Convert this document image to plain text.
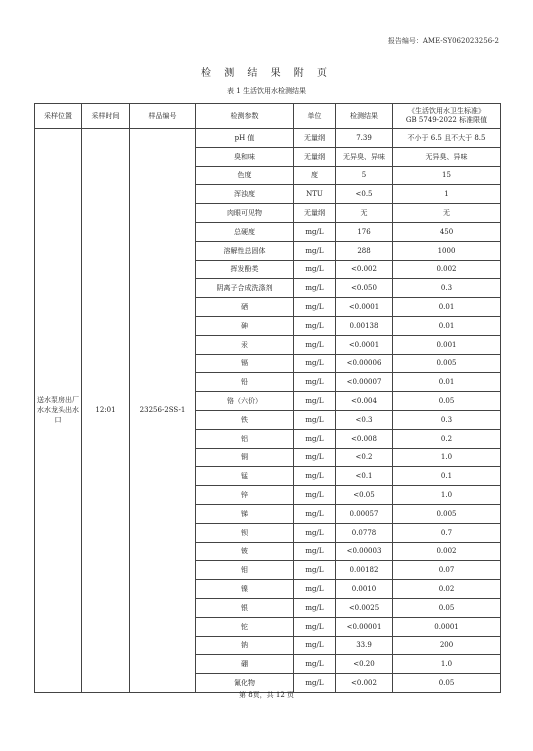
报告编号：AME-SY062023256-2
检 测 结 果 附 页
表 1 生活饮用水检测结果
采样位置	采样时间	样品编号	检测参数	单位	检测结果	《生活饮用水卫生标准》
GB 5749-2022 标准限值

送水泵房出厂水水龙头出水口	12:01	23256-2SS-1	pH 值	无量纲	7.39	不小于 6.5 且不大于 8.5
			臭和味	无量纲	无异臭、异味	无异臭、异味
			色度	度	5	15
			浑浊度	NTU	<0.5	1
			肉眼可见物	无量纲	无	无
			总硬度	mg/L	176	450
			溶解性总固体	mg/L	288	1000
			挥发酚类	mg/L	<0.002	0.002
			阴离子合成洗涤剂	mg/L	<0.050	0.3
			硒	mg/L	<0.0001	0.01
			砷	mg/L	0.00138	0.01
			汞	mg/L	<0.0001	0.001
			镉	mg/L	<0.00006	0.005
			铅	mg/L	<0.00007	0.01
			铬（六价）	mg/L	<0.004	0.05
			铁	mg/L	<0.3	0.3
			铝	mg/L	<0.008	0.2
			铜	mg/L	<0.2	1.0
			锰	mg/L	<0.1	0.1
			锌	mg/L	<0.05	1.0
			锑	mg/L	0.00057	0.005
			钡	mg/L	0.0778	0.7
			铍	mg/L	<0.00003	0.002
			钼	mg/L	0.00182	0.07
			镍	mg/L	0.0010	0.02
			银	mg/L	<0.0025	0.05
			铊	mg/L	<0.00001	0.0001
			钠	mg/L	33.9	200
			硼	mg/L	<0.20	1.0
			氰化物	mg/L	<0.002	0.05
第 8页，共 12 页
